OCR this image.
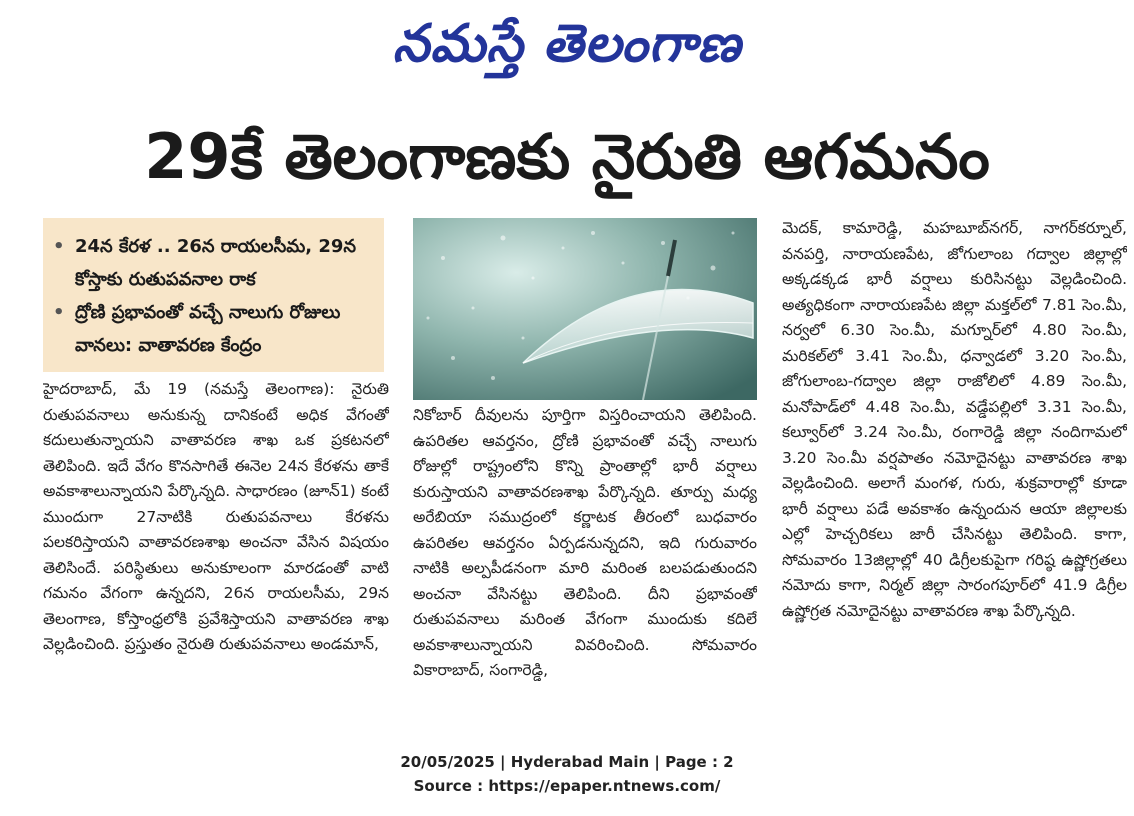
నమస్తే తెలంగాణ
29కే తెలంగాణకు నైరుతి ఆగమనం
• 24న కేరళ .. 26న రాయలసీమ, 29న కోస్తాకు రుతుపవనాల రాక
• ద్రోణి ప్రభావంతో వచ్చే నాలుగు రోజులు వానలు: వాతావరణ కేంద్రం
హైదరాబాద్, మే 19 (నమస్తే తెలంగాణ): నైరుతి రుతుపవనాలు అనుకున్న దానికంటే అధిక వేగంతో కదులుతున్నాయని వాతావరణ శాఖ ఒక ప్రకటనలో తెలిపింది. ఇదే వేగం కొనసాగితే ఈనెల 24న కేరళను తాకే అవకాశాలున్నాయని పేర్కొన్నది. సాధారణం (జూన్1) కంటే ముందుగా 27నాటికి రుతుపవనాలు కేరళను పలకరిస్తాయని వాతావరణశాఖ అంచనా వేసిన విషయం తెలిసిందే. పరిస్థితులు అనుకూలంగా మారడంతో వాటి గమనం వేగంగా ఉన్నదని, 26న రాయలసీమ, 29న తెలంగాణ, కోస్తాంధ్రలోకి ప్రవేశిస్తాయని వాతావరణ శాఖ వెల్లడించింది. ప్రస్తుతం నైరుతి రుతుపవనాలు అండమాన్,
నికోబార్ దీవులను పూర్తిగా విస్తరించాయని తెలిపింది. ఉపరితల ఆవర్తనం, ద్రోణి ప్రభావంతో వచ్చే నాలుగు రోజుల్లో రాష్ట్రంలోని కొన్ని ప్రాంతాల్లో భారీ వర్షాలు కురుస్తాయని వాతావరణశాఖ పేర్కొన్నది. తూర్పు మధ్య అరేబియా సముద్రంలో కర్ణాటక తీరంలో బుధవారం ఉపరితల ఆవర్తనం ఏర్పడనున్నదని, ఇది గురువారం నాటికి అల్పపీడనంగా మారి మరింత బలపడుతుందని అంచనా వేసినట్టు తెలిపింది. దీని ప్రభావంతో రుతుపవనాలు మరింత వేగంగా ముందుకు కదిలే అవకాశాలున్నాయని వివరించింది. సోమవారం వికారాబాద్, సంగారెడ్డి,
మెదక్, కామారెడ్డి, మహబూబ్‌నగర్, నాగర్‌కర్నూల్, వనపర్తి, నారాయణపేట, జోగులాంబ గద్వాల జిల్లాల్లో అక్కడక్కడ భారీ వర్షాలు కురిసినట్టు వెల్లడించింది. అత్యధికంగా నారాయణపేట జిల్లా మక్తల్‌లో 7.81 సెం.మీ, నర్వలో 6.30 సెం.మీ, మగ్నూర్‌లో 4.80 సెం.మీ, మరికల్‌లో 3.41 సెం.మీ, ధన్వాడలో 3.20 సెం.మీ, జోగులాంబ-గద్వాల జిల్లా రాజోలిలో 4.89 సెం.మీ, మనోపాడ్‌లో 4.48 సెం.మీ, వడ్డేపల్లిలో 3.31 సెం.మీ, కల్వూర్‌లో 3.24 సెం.మీ, రంగారెడ్డి జిల్లా నందిగామలో 3.20 సెం.మీ వర్షపాతం నమోదైనట్టు వాతావరణ శాఖ వెల్లడించింది. అలాగే మంగళ, గురు, శుక్రవారాల్లో కూడా భారీ వర్షాలు పడే అవకాశం ఉన్నందున ఆయా జిల్లాలకు ఎల్లో హెచ్చరికలు జారీ చేసినట్టు తెలిపింది. కాగా, సోమవారం 13జిల్లాల్లో 40 డిగ్రీలకుపైగా గరిష్ఠ ఉష్ణోగ్రతలు నమోదు కాగా, నిర్మల్ జిల్లా సారంగపూర్‌లో 41.9 డిగ్రీల ఉష్ణోగ్రత నమోదైనట్టు వాతావరణ శాఖ పేర్కొన్నది.
20/05/2025 | Hyderabad Main | Page : 2
Source : https://epaper.ntnews.com/
